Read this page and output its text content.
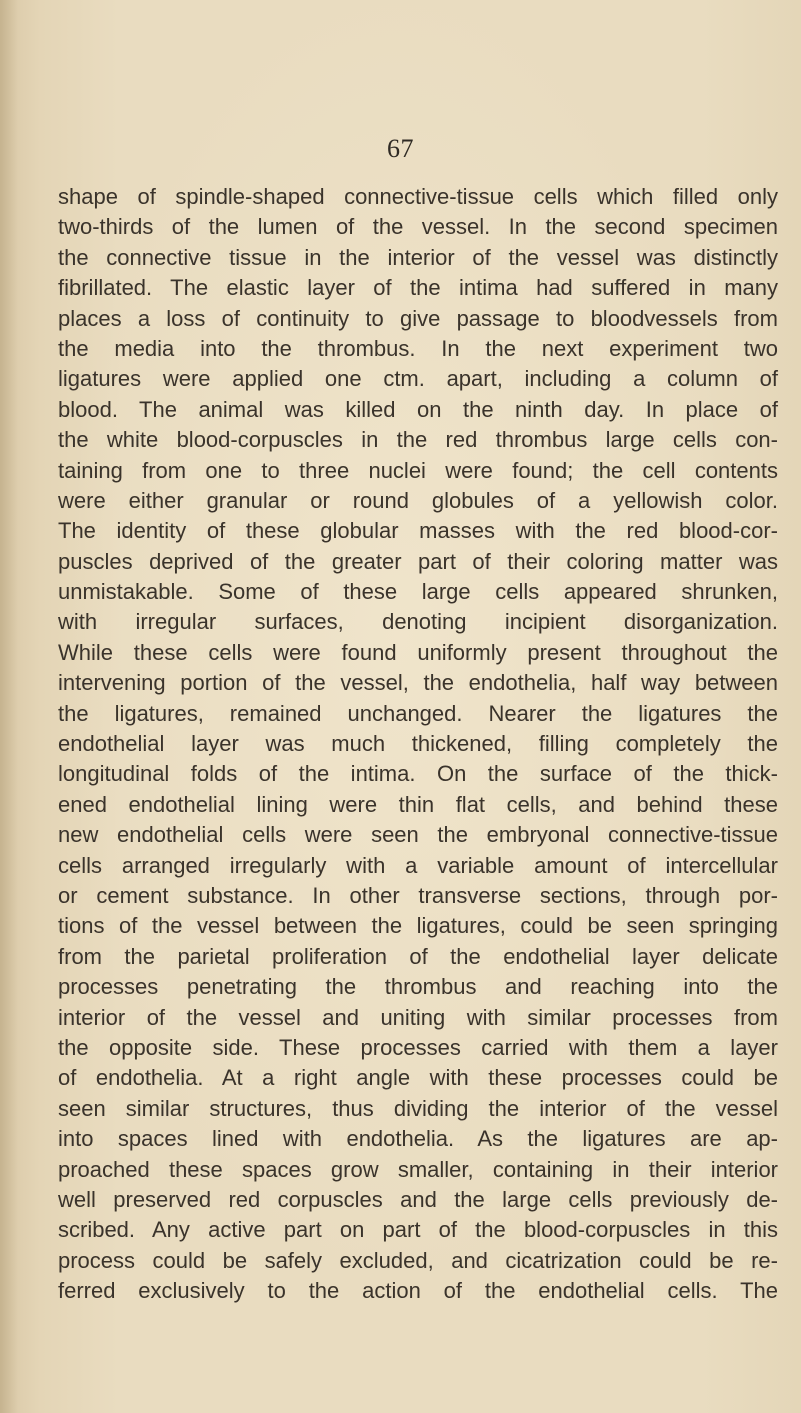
67
shape of spindle-shaped connective-tissue cells which filled only
two-thirds of the lumen of the vessel. In the second specimen
the connective tissue in the interior of the vessel was distinctly
fibrillated. The elastic layer of the intima had suffered in many
places a loss of continuity to give passage to bloodvessels from
the media into the thrombus. In the next experiment two
ligatures were applied one ctm. apart, including a column of
blood. The animal was killed on the ninth day. In place of
the white blood-corpuscles in the red thrombus large cells con-
taining from one to three nuclei were found; the cell contents
were either granular or round globules of a yellowish color.
The identity of these globular masses with the red blood-cor-
puscles deprived of the greater part of their coloring matter was
unmistakable. Some of these large cells appeared shrunken,
with irregular surfaces, denoting incipient disorganization.
While these cells were found uniformly present throughout the
intervening portion of the vessel, the endothelia, half way between
the ligatures, remained unchanged. Nearer the ligatures the
endothelial layer was much thickened, filling completely the
longitudinal folds of the intima. On the surface of the thick-
ened endothelial lining were thin flat cells, and behind these
new endothelial cells were seen the embryonal connective-tissue
cells arranged irregularly with a variable amount of intercellular
or cement substance. In other transverse sections, through por-
tions of the vessel between the ligatures, could be seen springing
from the parietal proliferation of the endothelial layer delicate
processes penetrating the thrombus and reaching into the
interior of the vessel and uniting with similar processes from
the opposite side. These processes carried with them a layer
of endothelia. At a right angle with these processes could be
seen similar structures, thus dividing the interior of the vessel
into spaces lined with endothelia. As the ligatures are ap-
proached these spaces grow smaller, containing in their interior
well preserved red corpuscles and the large cells previously de-
scribed. Any active part on part of the blood-corpuscles in this
process could be safely excluded, and cicatrization could be re-
ferred exclusively to the action of the endothelial cells. The
